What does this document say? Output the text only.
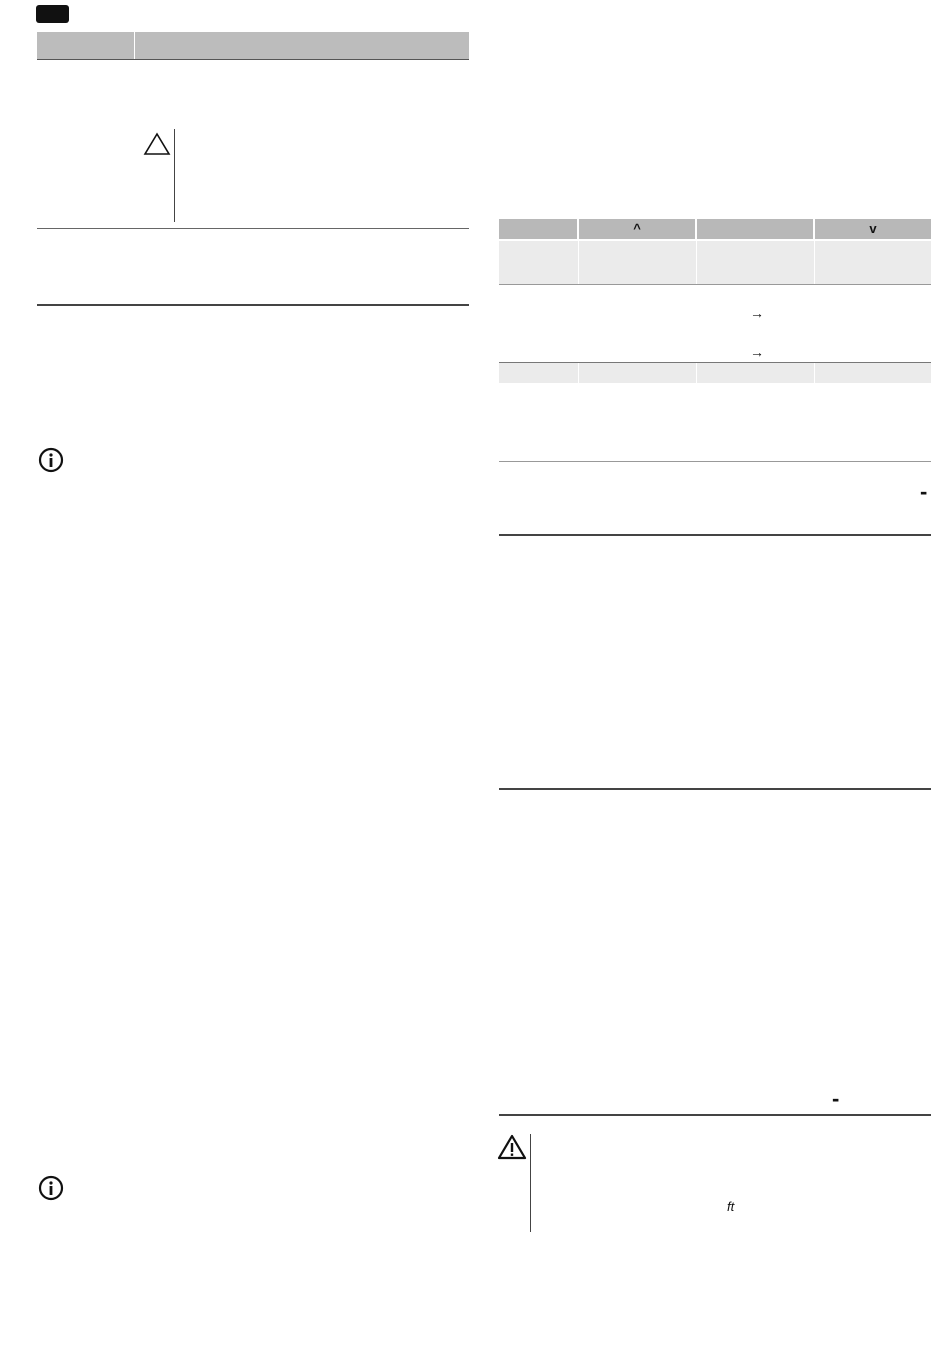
^	v
→
→
-
-
ft
